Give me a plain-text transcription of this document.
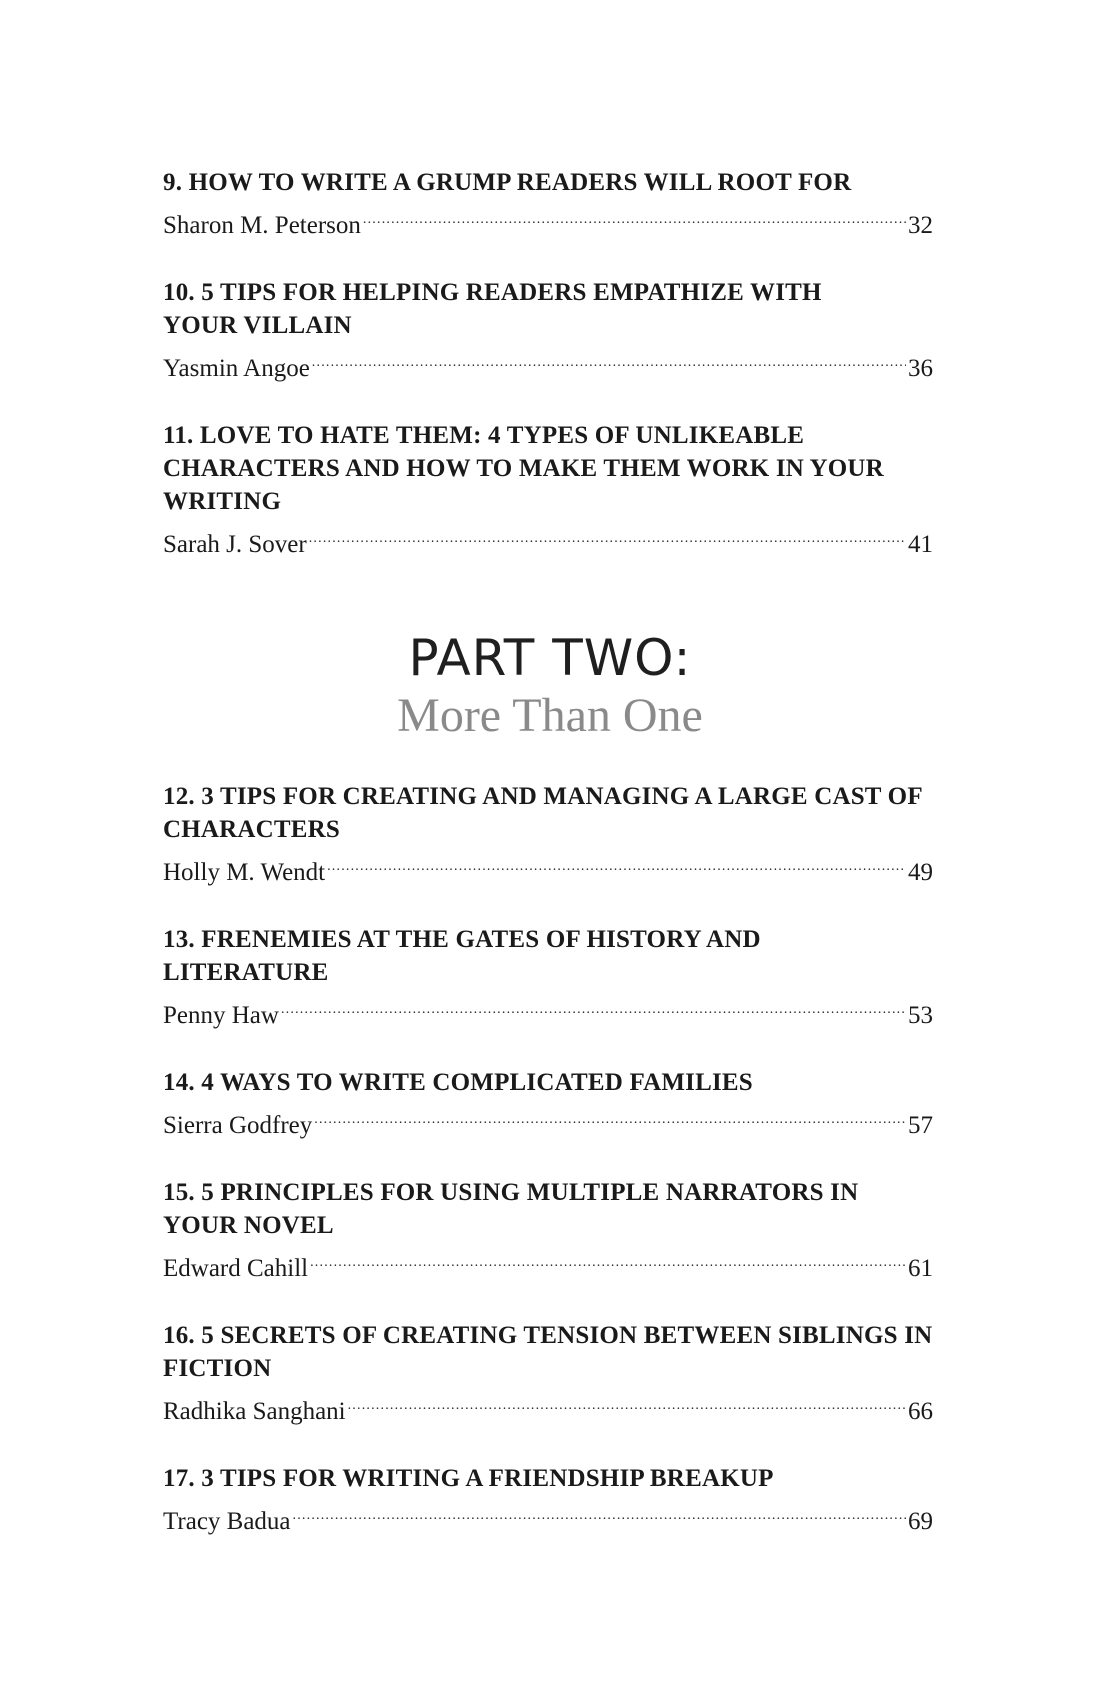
9. HOW TO WRITE A GRUMP READERS WILL ROOT FOR
Sharon M. Peterson .....	32
10. 5 TIPS FOR HELPING READERS EMPATHIZE WITH YOUR VILLAIN
Yasmin Angoe .....	36
11. LOVE TO HATE THEM: 4 TYPES OF UNLIKEABLE CHARACTERS AND HOW TO MAKE THEM WORK IN YOUR WRITING
Sarah J. Sover .....	41
PART TWO:
More Than One
12. 3 TIPS FOR CREATING AND MANAGING A LARGE CAST OF CHARACTERS
Holly M. Wendt .....	49
13. FRENEMIES AT THE GATES OF HISTORY AND LITERATURE
Penny Haw .....	53
14. 4 WAYS TO WRITE COMPLICATED FAMILIES
Sierra Godfrey .....	57
15. 5 PRINCIPLES FOR USING MULTIPLE NARRATORS IN YOUR NOVEL
Edward Cahill .....	61
16. 5 SECRETS OF CREATING TENSION BETWEEN SIBLINGS IN FICTION
Radhika Sanghani .....	66
17. 3 TIPS FOR WRITING A FRIENDSHIP BREAKUP
Tracy Badua .....	69
